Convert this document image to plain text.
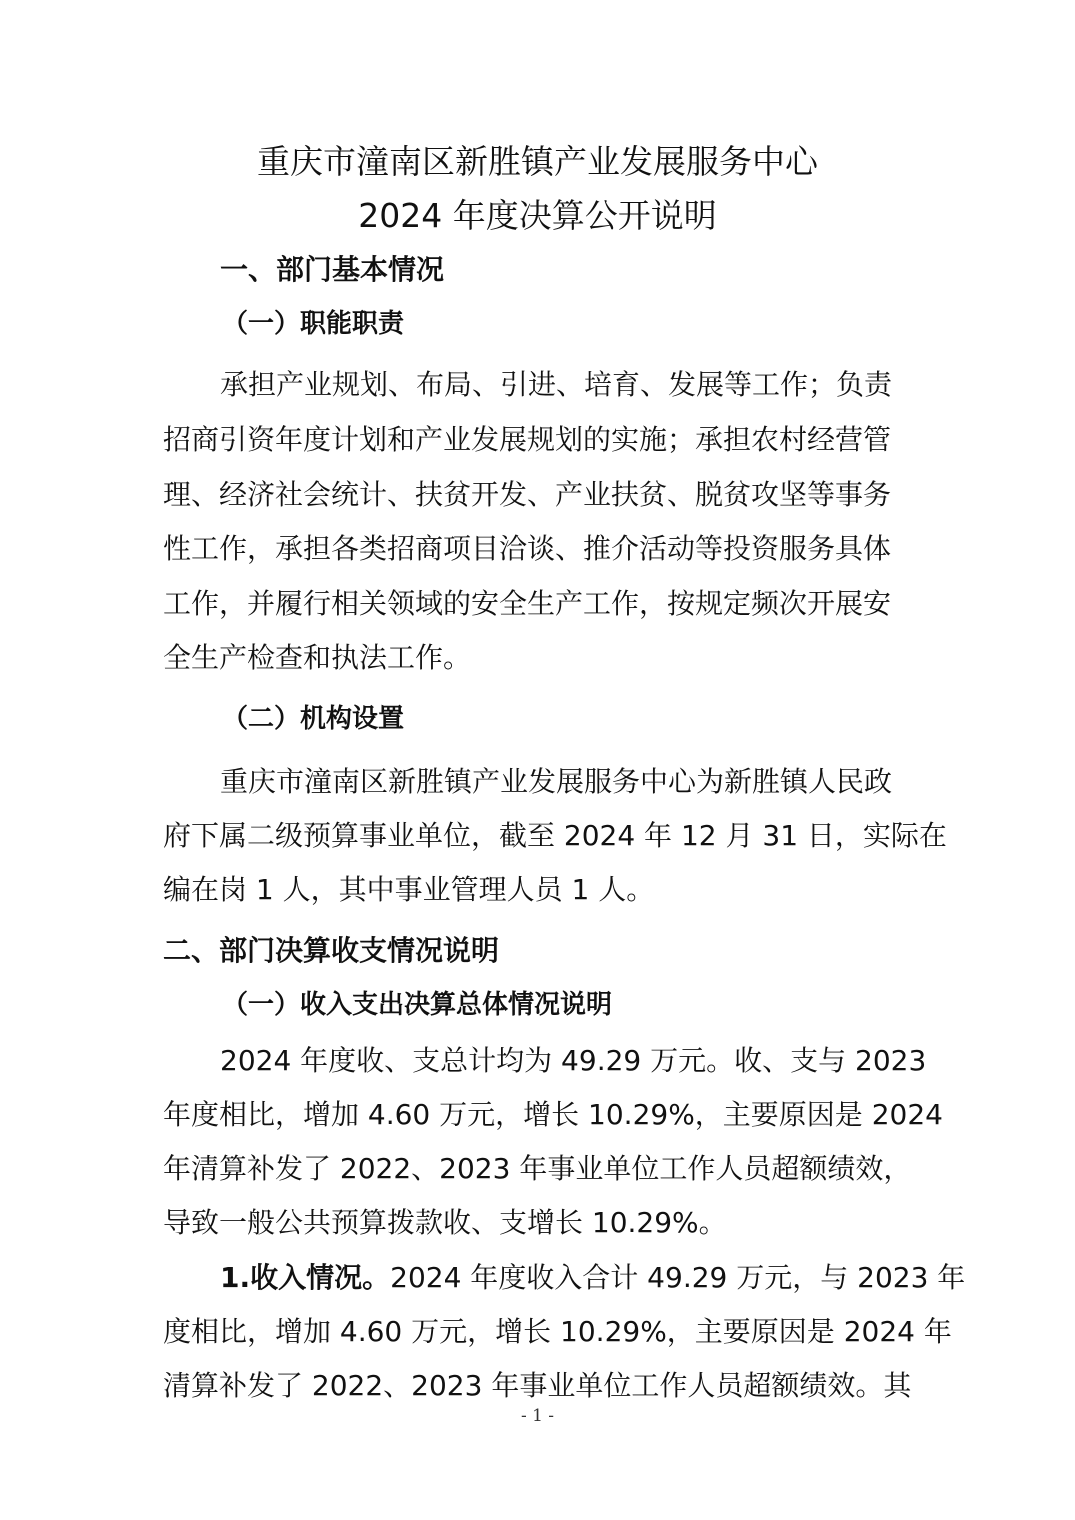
重庆市潼南区新胜镇产业发展服务中心
2024 年度决算公开说明
一、部门基本情况
（一）职能职责
承担产业规划、布局、引进、培育、发展等工作；负责
招商引资年度计划和产业发展规划的实施；承担农村经营管
理、经济社会统计、扶贫开发、产业扶贫、脱贫攻坚等事务
性工作，承担各类招商项目洽谈、推介活动等投资服务具体
工作，并履行相关领域的安全生产工作，按规定频次开展安
全生产检查和执法工作。
（二）机构设置
重庆市潼南区新胜镇产业发展服务中心为新胜镇人民政
府下属二级预算事业单位，截至 2024 年 12 月 31 日，实际在
编在岗 1 人，其中事业管理人员 1 人。
二、部门决算收支情况说明
（一）收入支出决算总体情况说明
2024 年度收、支总计均为 49.29 万元。收、支与 2023
年度相比，增加 4.60 万元，增长 10.29%，主要原因是 2024
年清算补发了 2022、2023 年事业单位工作人员超额绩效，
导致一般公共预算拨款收、支增长 10.29%。
1.收入情况。2024 年度收入合计 49.29 万元，与 2023 年
度相比，增加 4.60 万元，增长 10.29%，主要原因是 2024 年
清算补发了 2022、2023 年事业单位工作人员超额绩效。其
- 1 -
